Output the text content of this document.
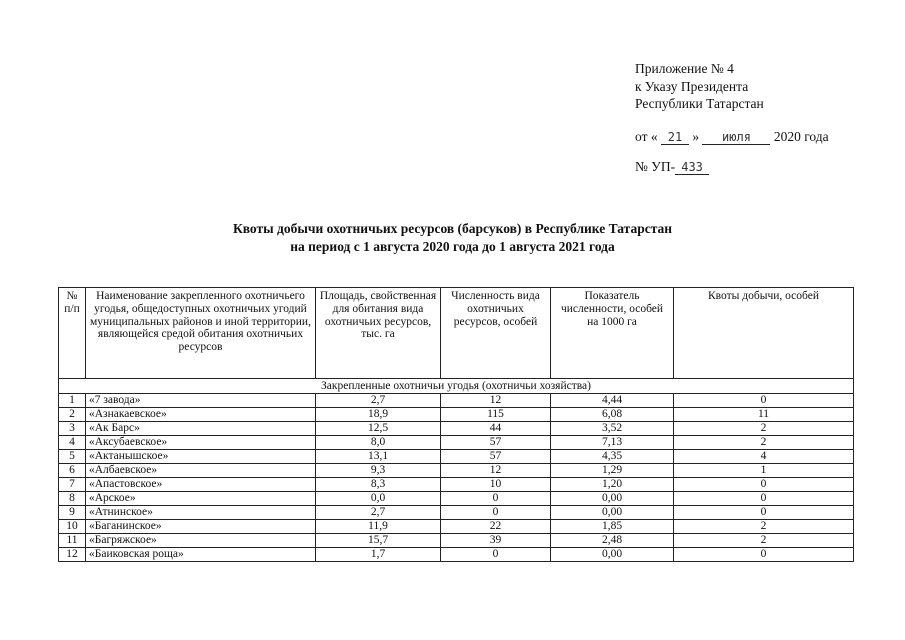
Приложение № 4
к Указу Президента
Республики Татарстан
от « 21 » июля 2020 года
№ УП- 433
Квоты добычи охотничьих ресурсов (барсуков) в Республике Татарстан
на период с 1 августа 2020 года до 1 августа 2021 года
№ п/п	Наименование закрепленного охотничьего угодья, общедоступных охотничьих угодий муниципальных районов и иной территории, являющейся средой обитания охотничьих ресурсов	Площадь, свойственная для обитания вида охотничьих ресурсов, тыс. га	Численность вида охотничьих ресурсов, особей	Показатель численности, особей на 1000 га	Квоты добычи, особей
Закрепленные охотничьи угодья (охотничьи хозяйства)					
1	«7 завода»	2,7	12	4,44	0
2	«Азнакаевское»	18,9	115	6,08	11
3	«Ак Барс»	12,5	44	3,52	2
4	«Аксубаевское»	8,0	57	7,13	2
5	«Актанышское»	13,1	57	4,35	4
6	«Албаевское»	9,3	12	1,29	1
7	«Апастовское»	8,3	10	1,20	0
8	«Арское»	0,0	0	0,00	0
9	«Атнинское»	2,7	0	0,00	0
10	«Баганинское»	11,9	22	1,85	2
11	«Багряжское»	15,7	39	2,48	2
12	«Баиковская роща»	1,7	0	0,00	0
